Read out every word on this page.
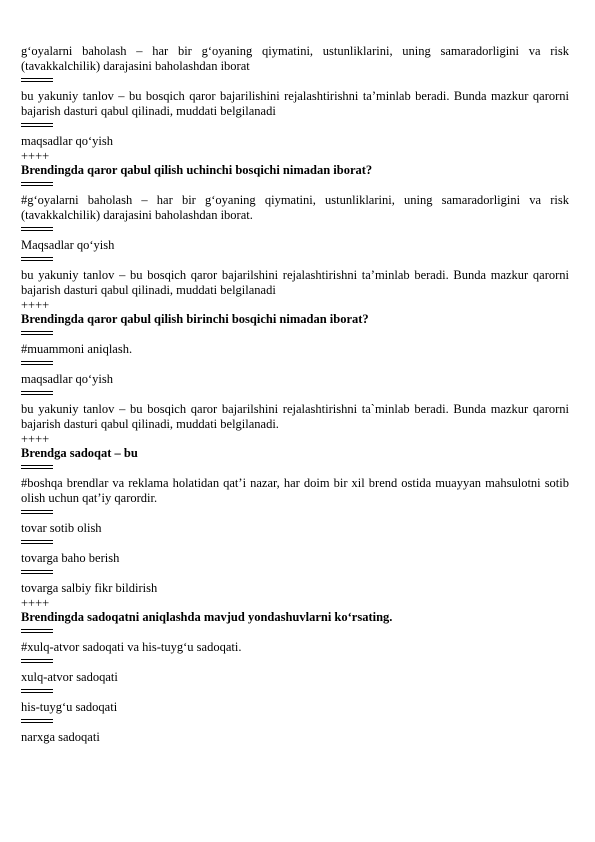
g‘oyalarni baholash – har bir g‘oyaning qiymatini, ustunliklarini, uning samaradorligini va risk (tavakkalchilik) darajasini baholashdan iborat
bu yakuniy tanlov – bu bosqich qaror bajarilishini rejalashtirishni ta’minlab beradi. Bunda mazkur qarorni bajarish dasturi qabul qilinadi, muddati belgilanadi
maqsadlar qo‘yish
++++
Brendingda qaror qabul qilish uchinchi bosqichi nimadan iborat?
#g‘oyalarni baholash – har bir g‘oyaning qiymatini, ustunliklarini, uning samaradorligini va risk (tavakkalchilik) darajasini baholashdan iborat.
Maqsadlar qo‘yish
bu yakuniy tanlov – bu bosqich qaror bajarilshini rejalashtirishni ta’minlab beradi. Bunda mazkur qarorni bajarish dasturi qabul qilinadi, muddati belgilanadi
++++
Brendingda qaror qabul qilish birinchi bosqichi nimadan iborat?
#muammoni aniqlash.
maqsadlar qo‘yish
bu yakuniy tanlov – bu bosqich qaror bajarilshini rejalashtirishni ta`minlab beradi. Bunda mazkur qarorni bajarish dasturi qabul qilinadi, muddati belgilanadi.
++++
Brendga sadoqat – bu
#boshqa brendlar va reklama holatidan qat’i nazar, har doim bir xil brend ostida muayyan mahsulotni sotib olish uchun qat’iy qarordir.
tovar sotib olish
tovarga baho berish
tovarga salbiy fikr bildirish
++++
Brendingda sadoqatni aniqlashda mavjud yondashuvlarni ko‘rsating.
#xulq-atvor sadoqati va his-tuyg‘u sadoqati.
xulq-atvor sadoqati
his-tuyg‘u sadoqati
narxga sadoqati
